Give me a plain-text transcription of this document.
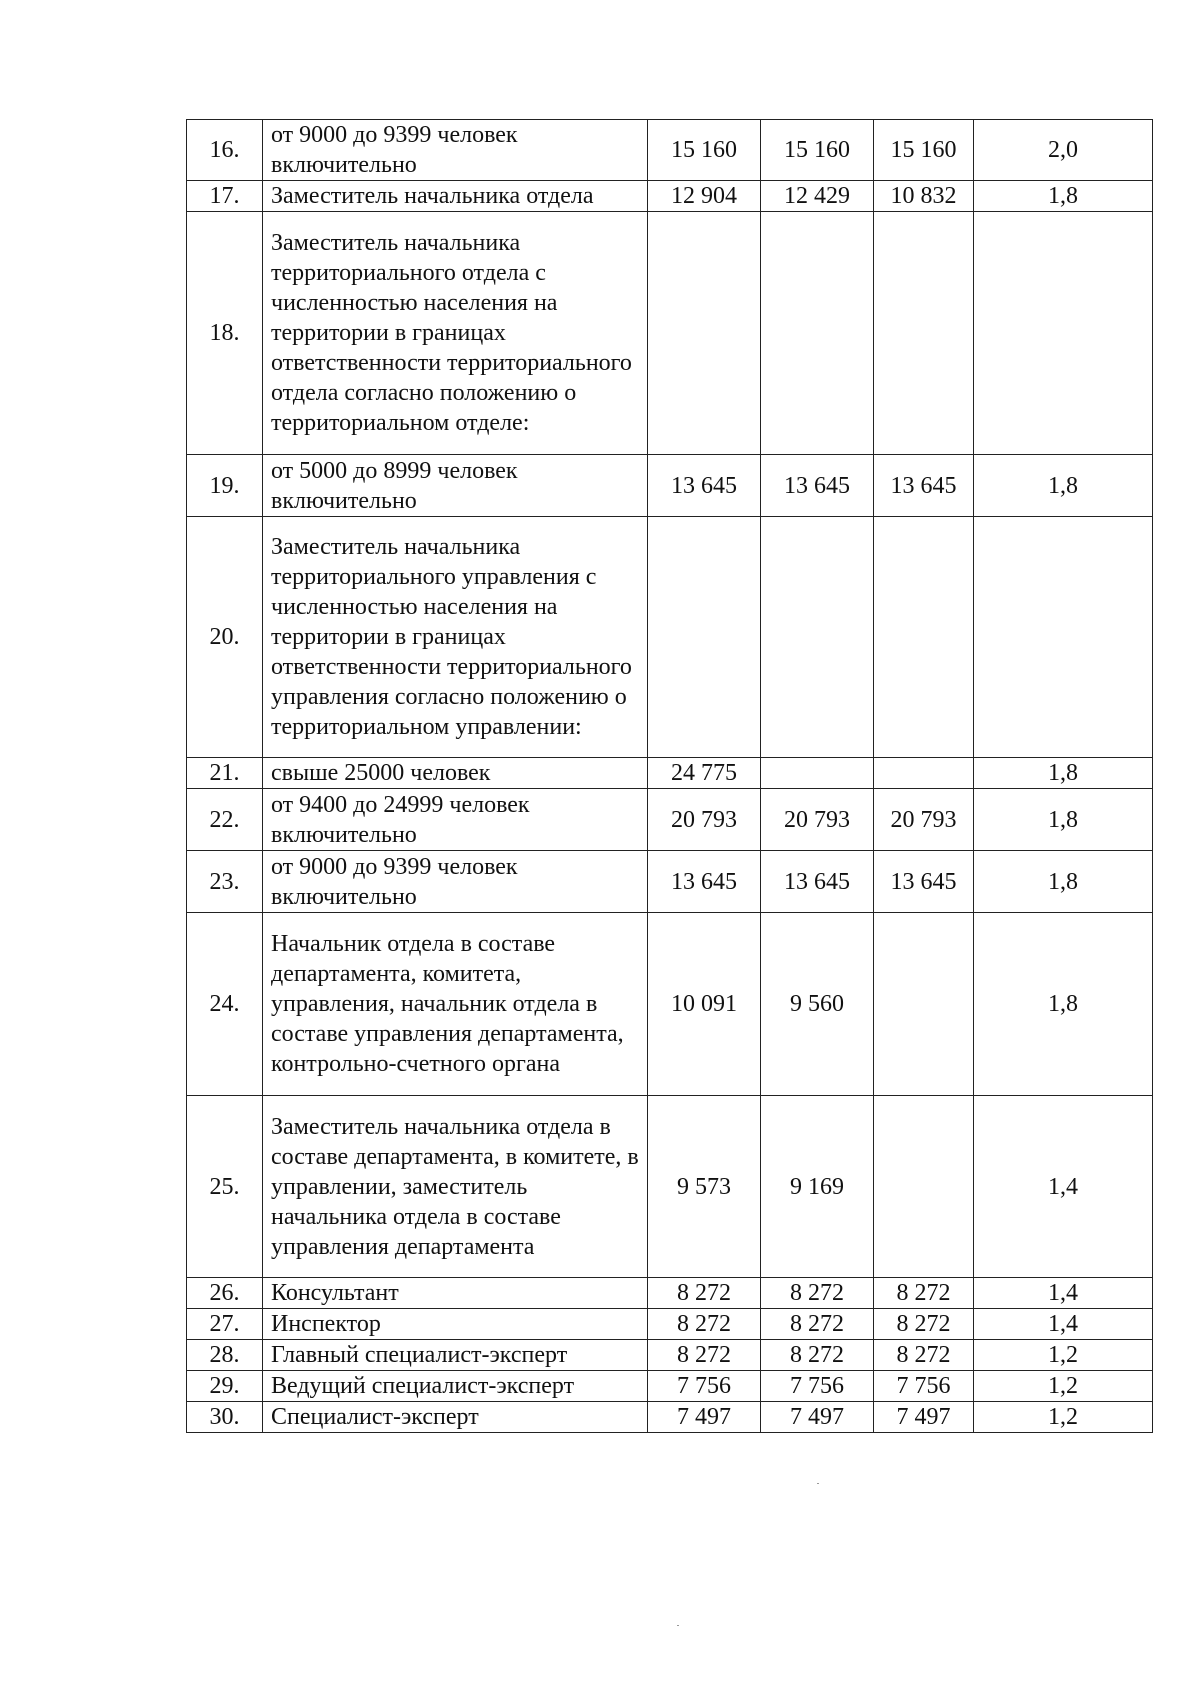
16.	от 9000 до 9399 человек включительно	15 160	15 160	15 160	2,0
17.	Заместитель начальника отдела	12 904	12 429	10 832	1,8
18.	Заместитель начальника территориального отдела с численностью населения на территории в границах ответственности территориального отдела согласно положению о территориальном отделе:				
19.	от 5000 до 8999 человек включительно	13 645	13 645	13 645	1,8
20.	Заместитель начальника территориального управления с численностью населения на территории в границах ответственности территориального управления согласно положению о территориальном управлении:				
21.	свыше 25000 человек	24 775			1,8
22.	от 9400 до 24999 человек включительно	20 793	20 793	20 793	1,8
23.	от 9000 до 9399 человек включительно	13 645	13 645	13 645	1,8
24.	Начальник отдела в составе департамента, комитета, управления, начальник отдела в составе управления департамента, контрольно-счетного органа	10 091	9 560		1,8
25.	Заместитель начальника отдела в составе департамента, в комитете, в управлении, заместитель начальника отдела в составе управления департамента	9 573	9 169		1,4
26.	Консультант	8 272	8 272	8 272	1,4
27.	Инспектор	8 272	8 272	8 272	1,4
28.	Главный специалист-эксперт	8 272	8 272	8 272	1,2
29.	Ведущий специалист-эксперт	7 756	7 756	7 756	1,2
30.	Специалист-эксперт	7 497	7 497	7 497	1,2
